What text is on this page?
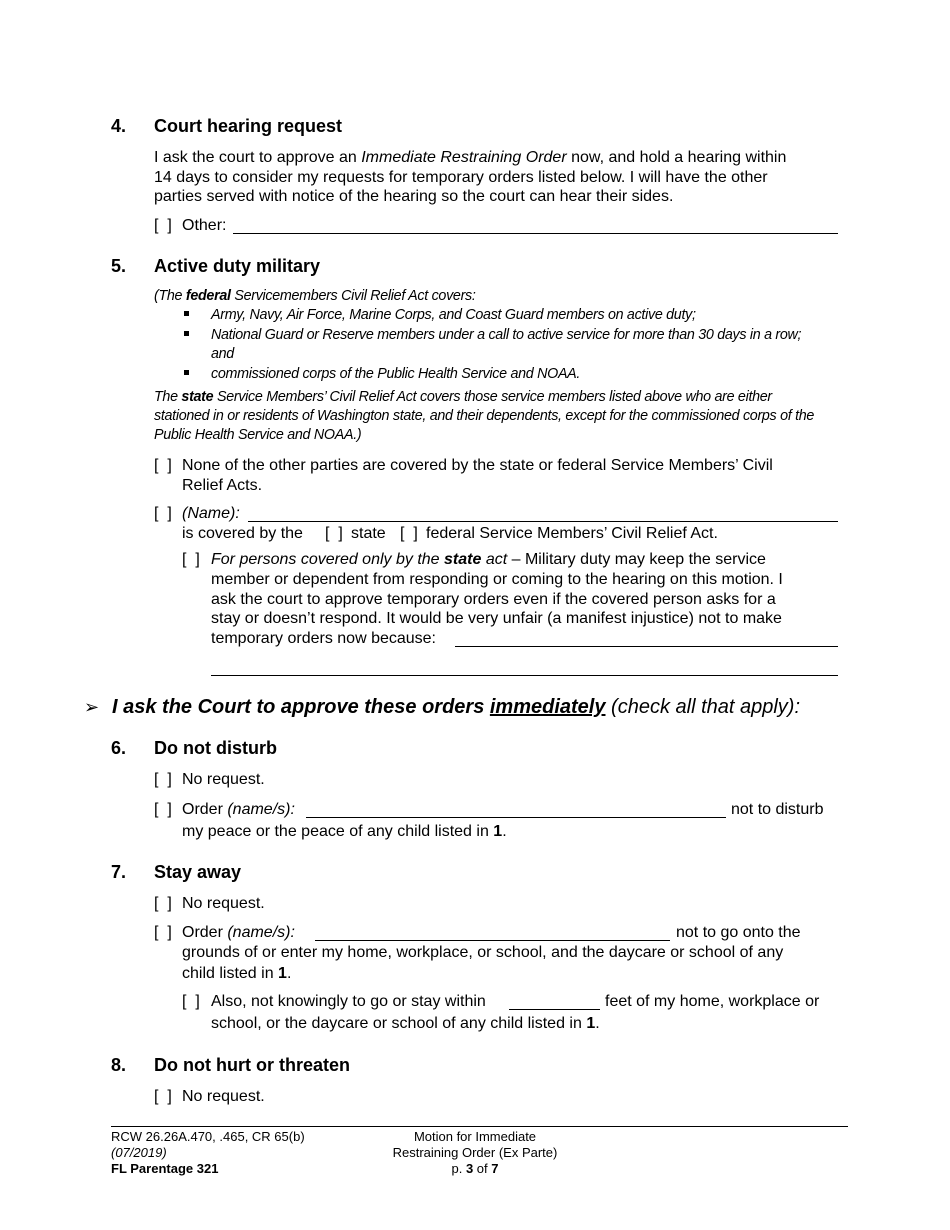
4. Court hearing request
I ask the court to approve an Immediate Restraining Order now, and hold a hearing within
14 days to consider my requests for temporary orders listed below. I will have the other
parties served with notice of the hearing so the court can hear their sides.
[  ] Other:
5. Active duty military
(The federal Servicemembers Civil Relief Act covers:
Army, Navy, Air Force, Marine Corps, and Coast Guard members on active duty;
National Guard or Reserve members under a call to active service for more than 30 days in a row;
and
commissioned corps of the Public Health Service and NOAA.
The state Service Members’ Civil Relief Act covers those service members listed above who are either
stationed in or residents of Washington state, and their dependents, except for the commissioned corps of the
Public Health Service and NOAA.)
[  ] None of the other parties are covered by the state or federal Service Members’ Civil
Relief Acts.
[  ] (Name):
is covered by the [  ] state [  ] federal Service Members’ Civil Relief Act.
[  ] For persons covered only by the state act – Military duty may keep the service
member or dependent from responding or coming to the hearing on this motion. I
ask the court to approve temporary orders even if the covered person asks for a
stay or doesn’t respond. It would be very unfair (a manifest injustice) not to make
temporary orders now because:
➢ I ask the Court to approve these orders immediately (check all that apply):
6. Do not disturb
[  ] No request.
[  ] Order (name/s):	not to disturb
my peace or the peace of any child listed in 1.
7. Stay away
[  ] No request.
[  ] Order (name/s):	not to go onto the
grounds of or enter my home, workplace, or school, and the daycare or school of any
child listed in 1.
[  ] Also, not knowingly to go or stay within	feet of my home, workplace or
school, or the daycare or school of any child listed in 1.
8. Do not hurt or threaten
[  ] No request.
RCW 26.26A.470, .465, CR 65(b)
(07/2019)
FL Parentage 321
Motion for Immediate
Restraining Order (Ex Parte)
p. 3 of 7
